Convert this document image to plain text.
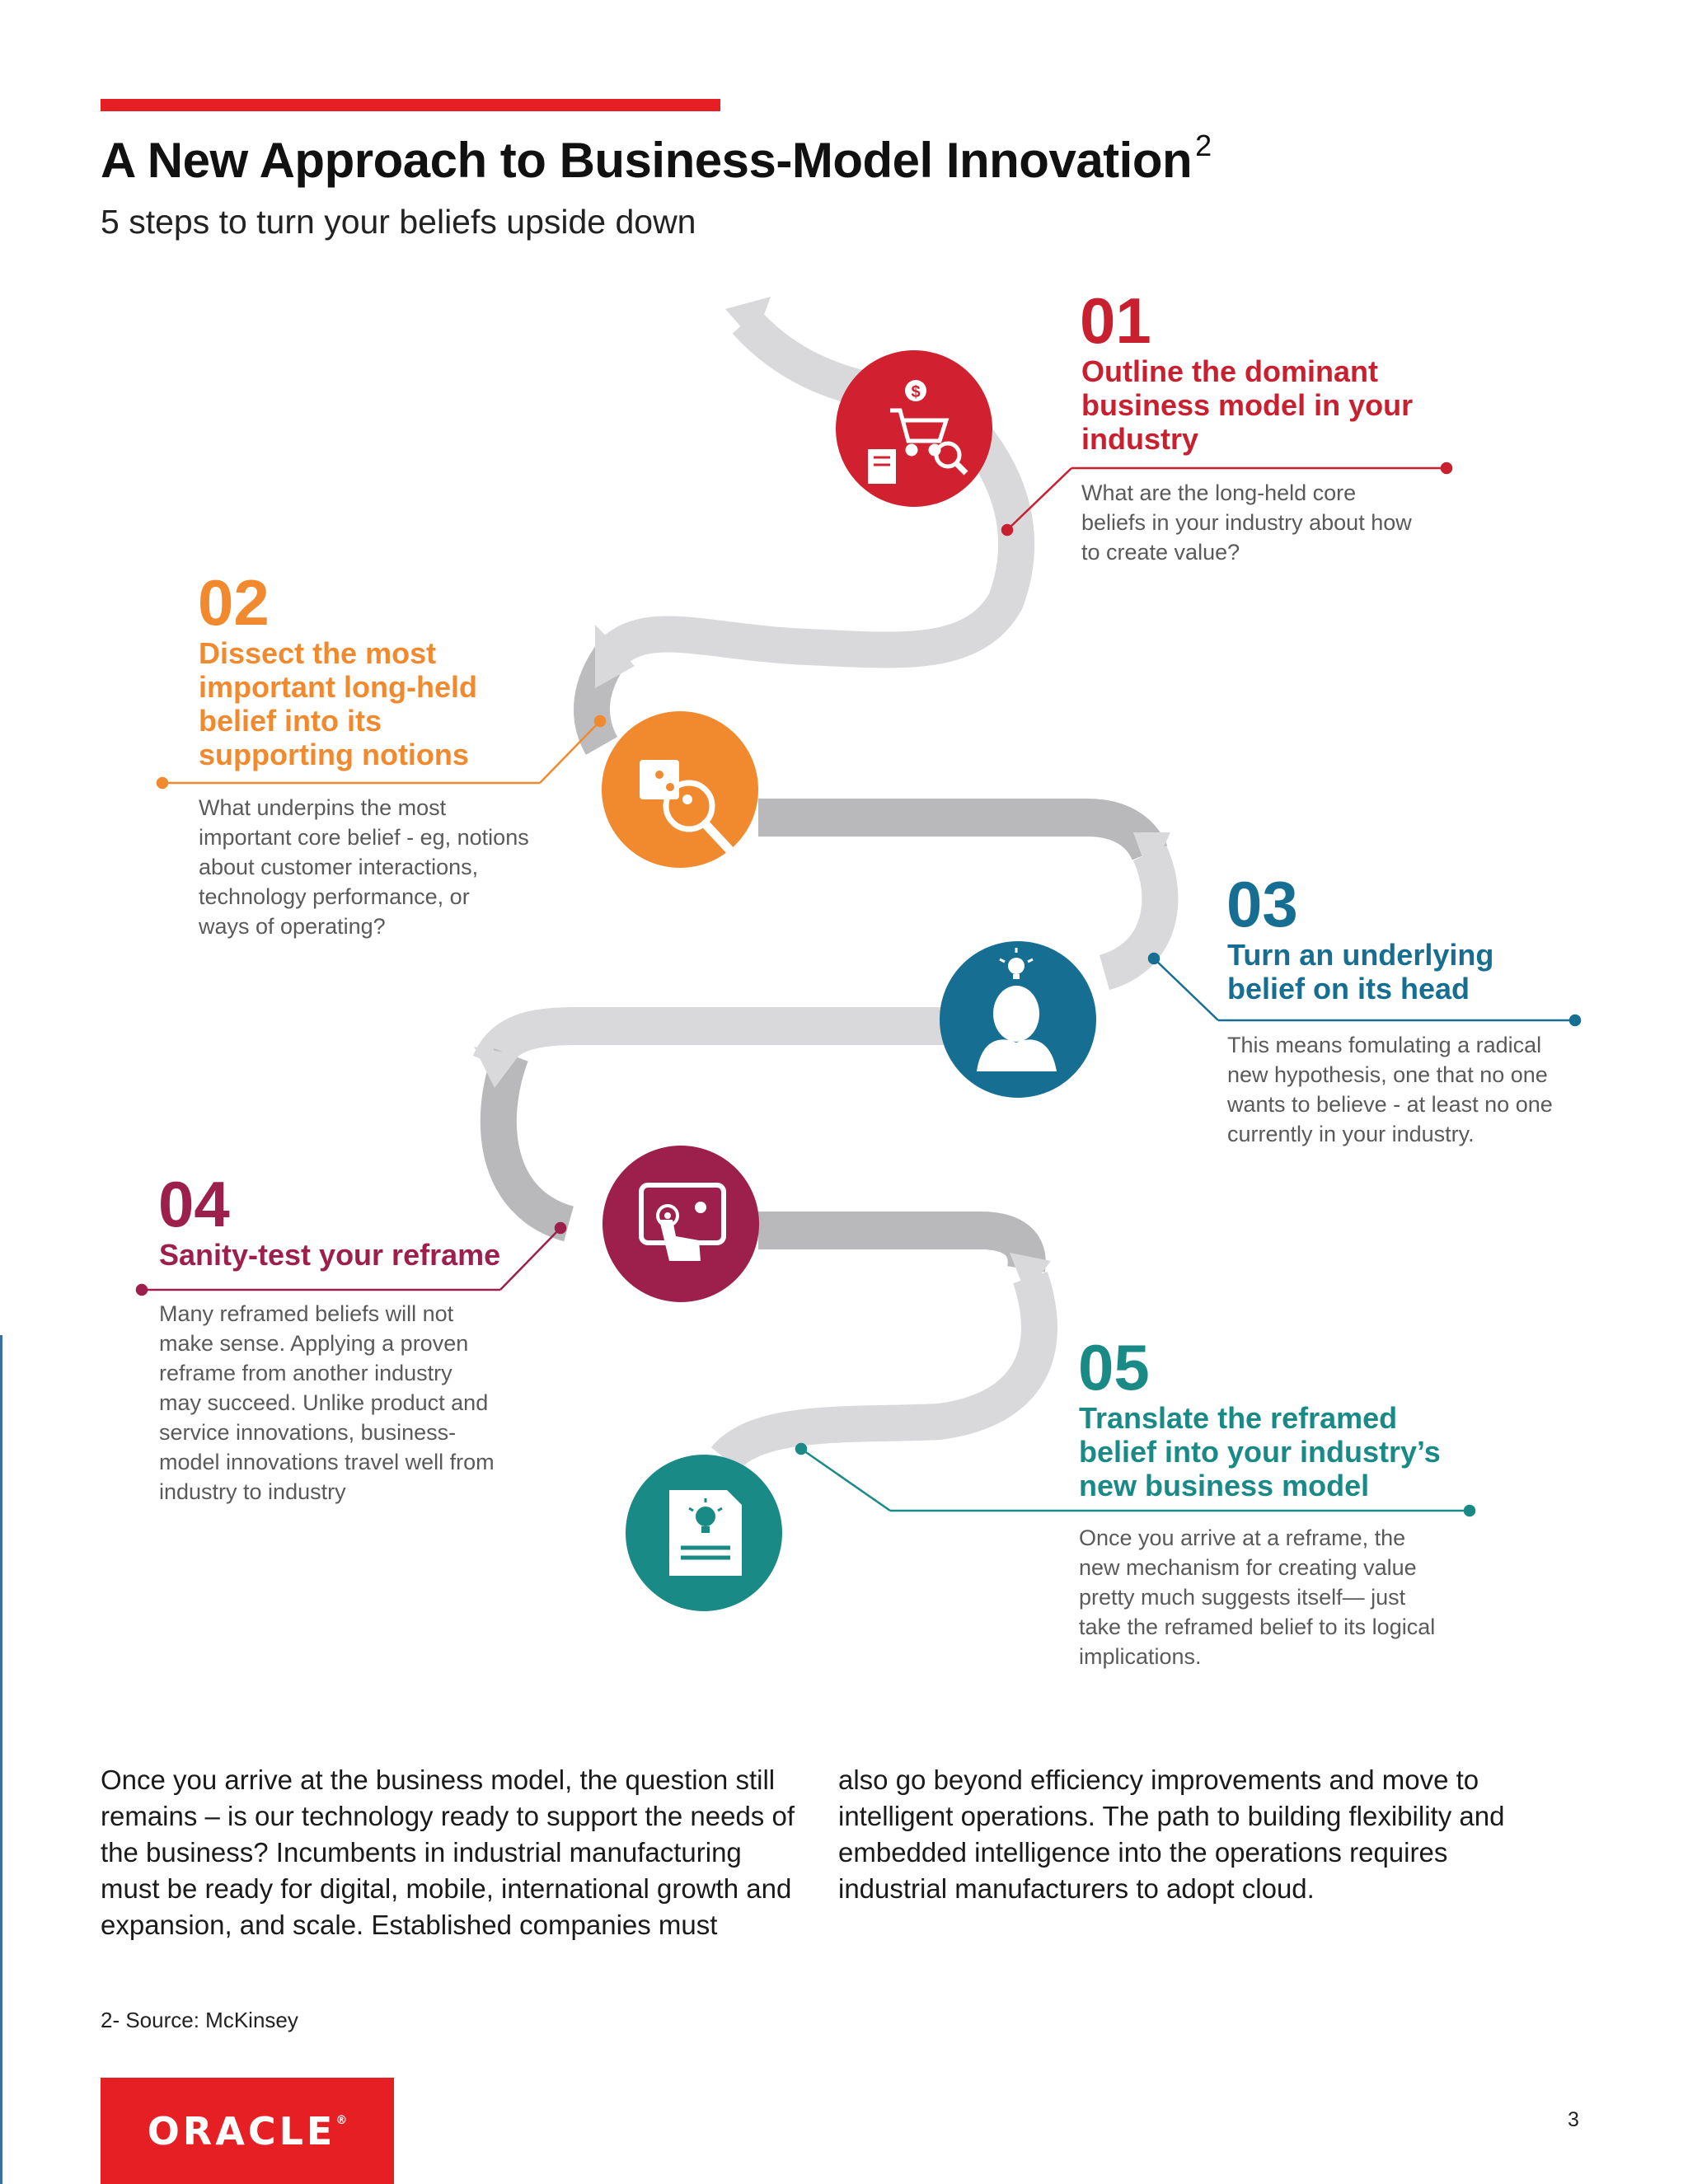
A New Approach to Business-Model Innovation $^2$
5 steps to turn your beliefs upside down
$
01
Outline the dominant
business model in your
industry
What are the long-held core
beliefs in your industry about how
to create value?
02
Dissect the most
important long-held
belief into its
supporting notions
What underpins the most
important core belief - eg, notions
about customer interactions,
technology performance, or
ways of operating?	03
Turn an underlying
belief on its head
This means fomulating a radical
new hypothesis, one that no one
wants to believe - at least no one
currently in your industry.
04
Sanity-test your reframe
Many reframed beliefs will not
make sense. Applying a proven
reframe from another industry
may succeed. Unlike product and
service innovations, business-
model innovations travel well from
industry to industry
05
Translate the reframed
belief into your industry’s
new business model
Once you arrive at a reframe, the
new mechanism for creating value
pretty much suggests itself— just
take the reframed belief to its logical
implications.
Once you arrive at the business model, the question still remains – is our technology ready to support the needs of the business? Incumbents in industrial manufacturing must be ready for digital, mobile, international growth and expansion, and scale. Established companies must
also go beyond efficiency improvements and move to intelligent operations. The path to building flexibility and embedded intelligence into the operations requires industrial manufacturers to adopt cloud.
2- Source: McKinsey
ORACLE®	3
